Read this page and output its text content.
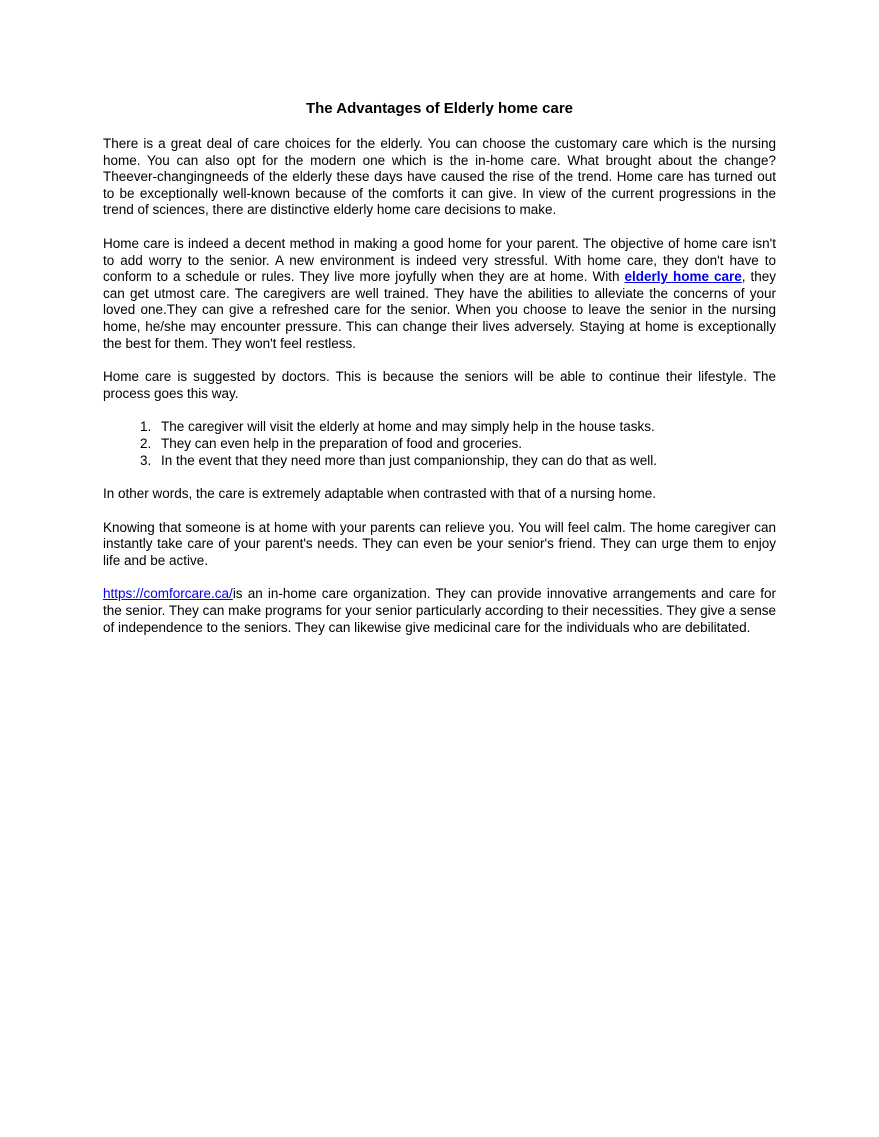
The Advantages of Elderly home care

There is a great deal of care choices for the elderly. You can choose the customary care which is the nursing home. You can also opt for the modern one which is the in-home care. What brought about the change? Theever-changingneeds of the elderly these days have caused the rise of the trend. Home care has turned out to be exceptionally well-known because of the comforts it can give. In view of the current progressions in the trend of sciences, there are distinctive elderly home care decisions to make.

Home care is indeed a decent method in making a good home for your parent. The objective of home care isn't to add worry to the senior. A new environment is indeed very stressful. With home care, they don't have to conform to a schedule or rules. They live more joyfully when they are at home. With elderly home care, they can get utmost care. The caregivers are well trained. They have the abilities to alleviate the concerns of your loved one.They can give a refreshed care for the senior. When you choose to leave the senior in the nursing home, he/she may encounter pressure. This can change their lives adversely. Staying at home is exceptionally the best for them. They won't feel restless.

Home care is suggested by doctors. This is because the seniors will be able to continue their lifestyle. The process goes this way.

1. The caregiver will visit the elderly at home and may simply help in the house tasks.
2. They can even help in the preparation of food and groceries.
3. In the event that they need more than just companionship, they can do that as well.

In other words, the care is extremely adaptable when contrasted with that of a nursing home.

Knowing that someone is at home with your parents can relieve you. You will feel calm. The home caregiver can instantly take care of your parent's needs. They can even be your senior's friend. They can urge them to enjoy life and be active.

https://comforcare.ca/is an in-home care organization. They can provide innovative arrangements and care for the senior. They can make programs for your senior particularly according to their necessities. They give a sense of independence to the seniors. They can likewise give medicinal care for the individuals who are debilitated.
